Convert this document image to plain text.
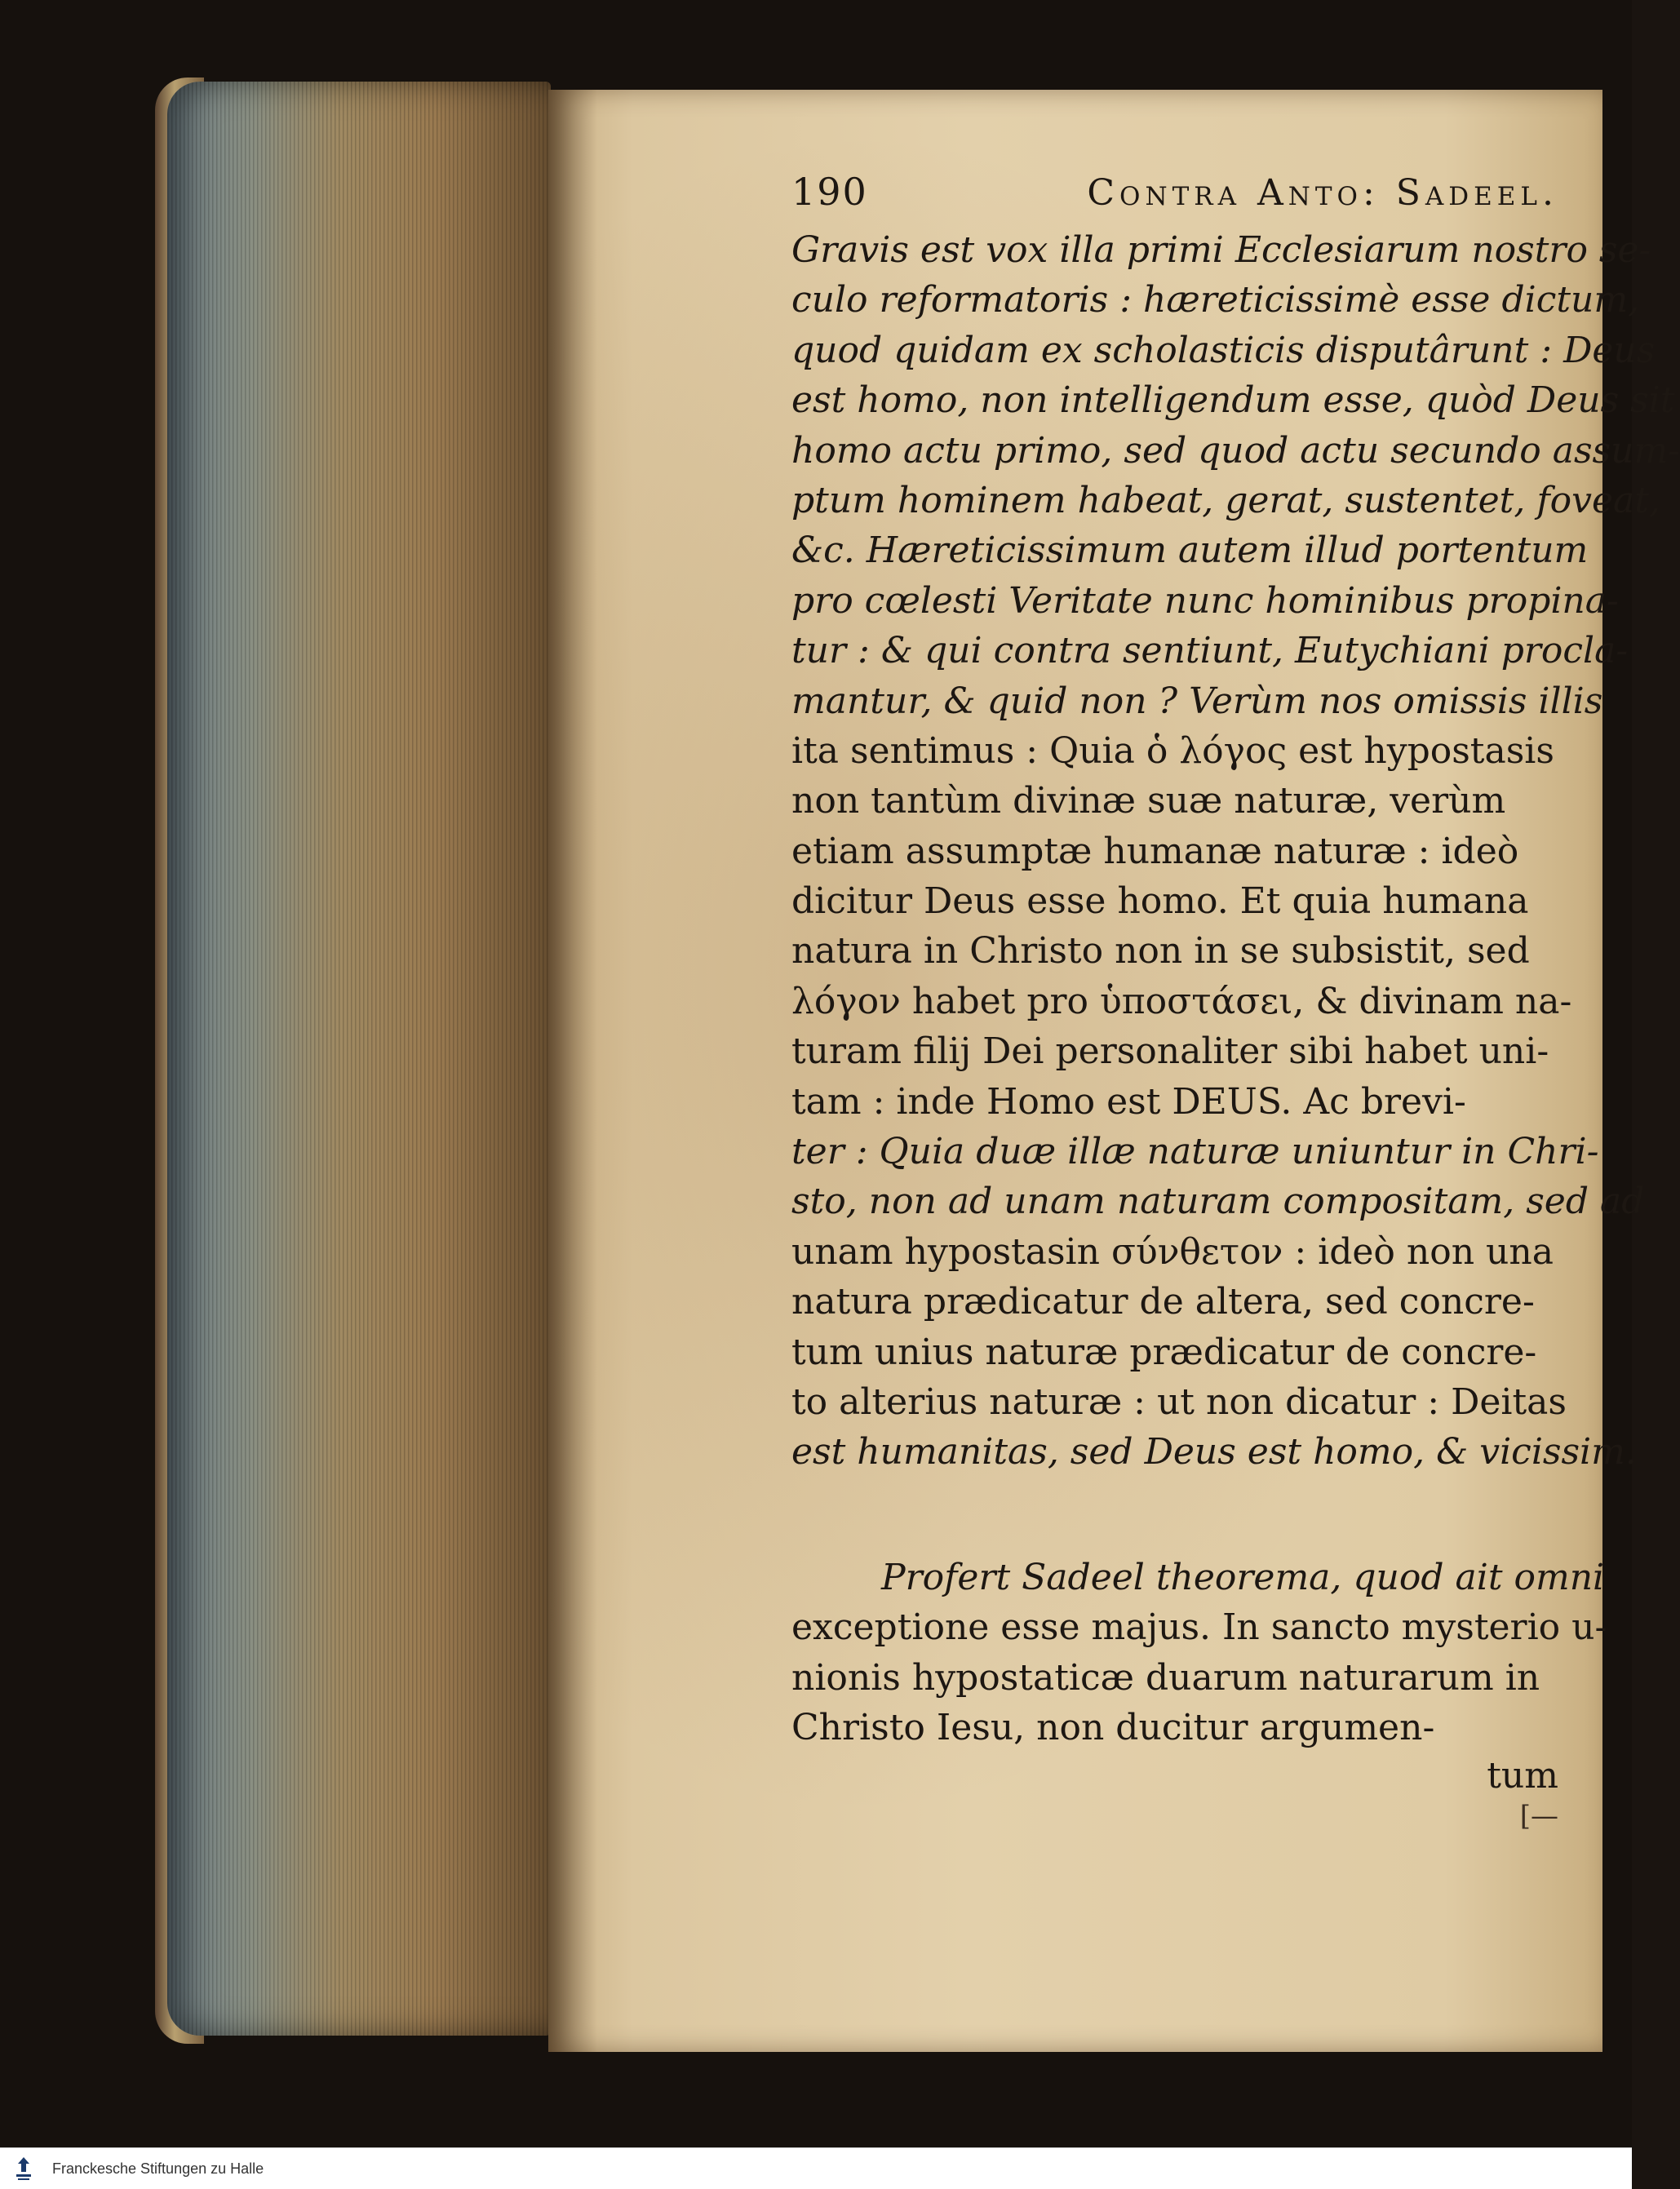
190	Contra Anto: Sadeel.
Gravis est vox illa primi Ecclesiarum nostro se-
culo reformatoris : hæreticissimè esse dictum,
quod quidam ex scholasticis disputârunt : Deus
est homo, non intelligendum esse, quòd Deus sit
homo actu primo, sed quod actu secundo assum-
ptum hominem habeat, gerat, sustentet, foveat,
&c. Hæreticissimum autem illud portentum
pro cœlesti Veritate nunc hominibus propina-
tur : & qui contra sentiunt, Eutychiani procla-
mantur, & quid non ? Verùm nos omissis illis
ita sentimus : Quia ὁ λόγος est hypostasis
non tantùm divinæ suæ naturæ, verùm
etiam assumptæ humanæ naturæ : ideò
dicitur Deus esse homo. Et quia humana
natura in Christo non in se subsistit, sed
λόγον habet pro ὑποστάσει, & divinam na-
turam filij Dei personaliter sibi habet uni-
tam : inde Homo est DEUS. Ac brevi-
ter : Quia duæ illæ naturæ uniuntur in Chri-
sto, non ad unam naturam compositam, sed ad
unam hypostasin σύνθετον : ideò non una
natura prædicatur de altera, sed concre-
tum unius naturæ prædicatur de concre-
to alterius naturæ : ut non dicatur : Deitas
est humanitas, sed Deus est homo, & vicissim.
Profert Sadeel theorema, quod ait omni
exceptione esse majus. In sancto mysterio u-
nionis hypostaticæ duarum naturarum in
Christo Iesu, non ducitur argumen-
tum
[—
Franckesche Stiftungen zu Halle
